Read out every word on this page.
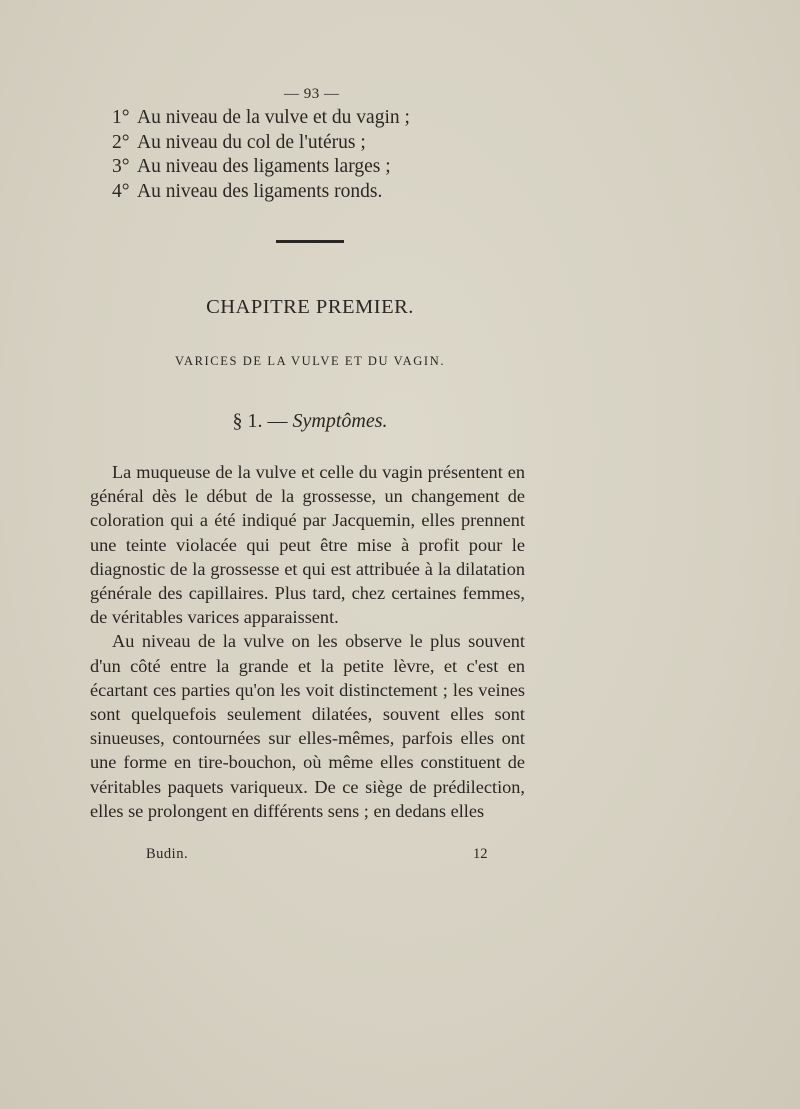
— 93 —
1° Au niveau de la vulve et du vagin ;
2° Au niveau du col de l'utérus ;
3° Au niveau des ligaments larges ;
4° Au niveau des ligaments ronds.
CHAPITRE PREMIER.
VARICES DE LA VULVE ET DU VAGIN.
§ 1. — Symptômes.

La muqueuse de la vulve et celle du vagin présentent en général dès le début de la grossesse, un changement de coloration qui a été indiqué par Jacquemin, elles prennent une teinte violacée qui peut être mise à profit pour le diagnostic de la grossesse et qui est attribuée à la dilatation générale des capillaires. Plus tard, chez certaines femmes, de véritables varices apparaissent.

Au niveau de la vulve on les observe le plus souvent d'un côté entre la grande et la petite lèvre, et c'est en écartant ces parties qu'on les voit distinctement ; les veines sont quelquefois seulement dilatées, souvent elles sont sinueuses, contournées sur elles-mêmes, parfois elles ont une forme en tire-bouchon, où même elles constituent de véritables paquets variqueux. De ce siège de prédilection, elles se prolongent en différents sens ; en dedans elles

Budin.	12
